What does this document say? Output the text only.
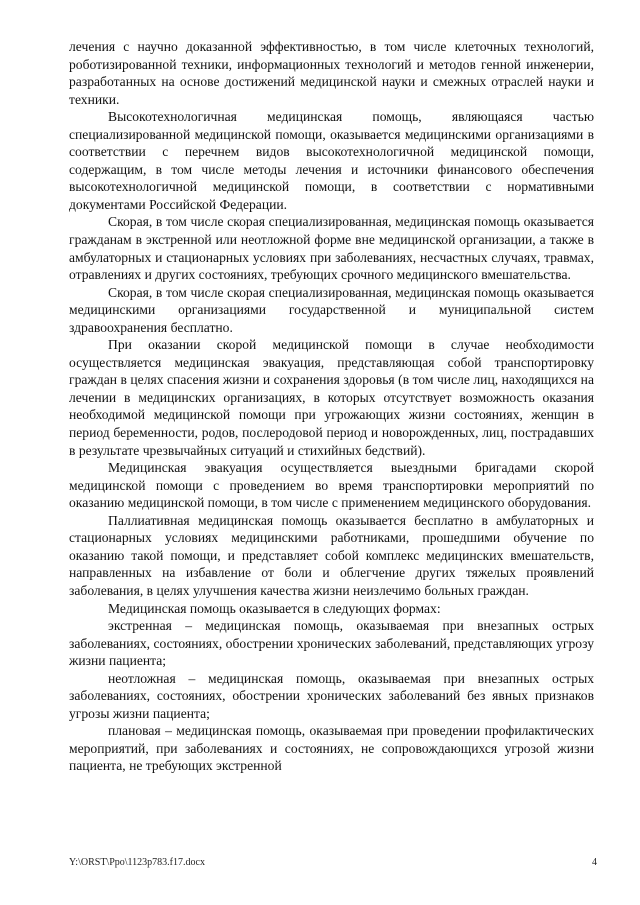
лечения с научно доказанной эффективностью, в том числе клеточных технологий, роботизированной техники, информационных технологий и методов генной инженерии, разработанных на основе достижений медицинской науки и смежных отраслей науки и техники.

Высокотехнологичная медицинская помощь, являющаяся частью специализированной медицинской помощи, оказывается медицинскими организациями в соответствии с перечнем видов высокотехнологичной медицинской помощи, содержащим, в том числе методы лечения и источники финансового обеспечения высокотехнологичной медицинской помощи, в соответствии с нормативными документами Российской Федерации.

Скорая, в том числе скорая специализированная, медицинская помощь оказывается гражданам в экстренной или неотложной форме вне медицинской организации, а также в амбулаторных и стационарных условиях при заболеваниях, несчастных случаях, травмах, отравлениях и других состояниях, требующих срочного медицинского вмешательства.

Скорая, в том числе скорая специализированная, медицинская помощь оказывается медицинскими организациями государственной и муниципальной систем здравоохранения бесплатно.

При оказании скорой медицинской помощи в случае необходимости осуществляется медицинская эвакуация, представляющая собой транспортировку граждан в целях спасения жизни и сохранения здоровья (в том числе лиц, находящихся на лечении в медицинских организациях, в которых отсутствует возможность оказания необходимой медицинской помощи при угрожающих жизни состояниях, женщин в период беременности, родов, послеродовой период и новорожденных, лиц, пострадавших в результате чрезвычайных ситуаций и стихийных бедствий).

Медицинская эвакуация осуществляется выездными бригадами скорой медицинской помощи с проведением во время транспортировки мероприятий по оказанию медицинской помощи, в том числе с применением медицинского оборудования.

Паллиативная медицинская помощь оказывается бесплатно в амбулаторных и стационарных условиях медицинскими работниками, прошедшими обучение по оказанию такой помощи, и представляет собой комплекс медицинских вмешательств, направленных на избавление от боли и облегчение других тяжелых проявлений заболевания, в целях улучшения качества жизни неизлечимо больных граждан.

Медицинская помощь оказывается в следующих формах:

экстренная – медицинская помощь, оказываемая при внезапных острых заболеваниях, состояниях, обострении хронических заболеваний, представляющих угрозу жизни пациента;

неотложная – медицинская помощь, оказываемая при внезапных острых заболеваниях, состояниях, обострении хронических заболеваний без явных признаков угрозы жизни пациента;

плановая – медицинская помощь, оказываемая при проведении профилактических мероприятий, при заболеваниях и состояниях, не сопровождающихся угрозой жизни пациента, не требующих экстренной

Y:\ORST\Ppo\1123p783.f17.docx	4
